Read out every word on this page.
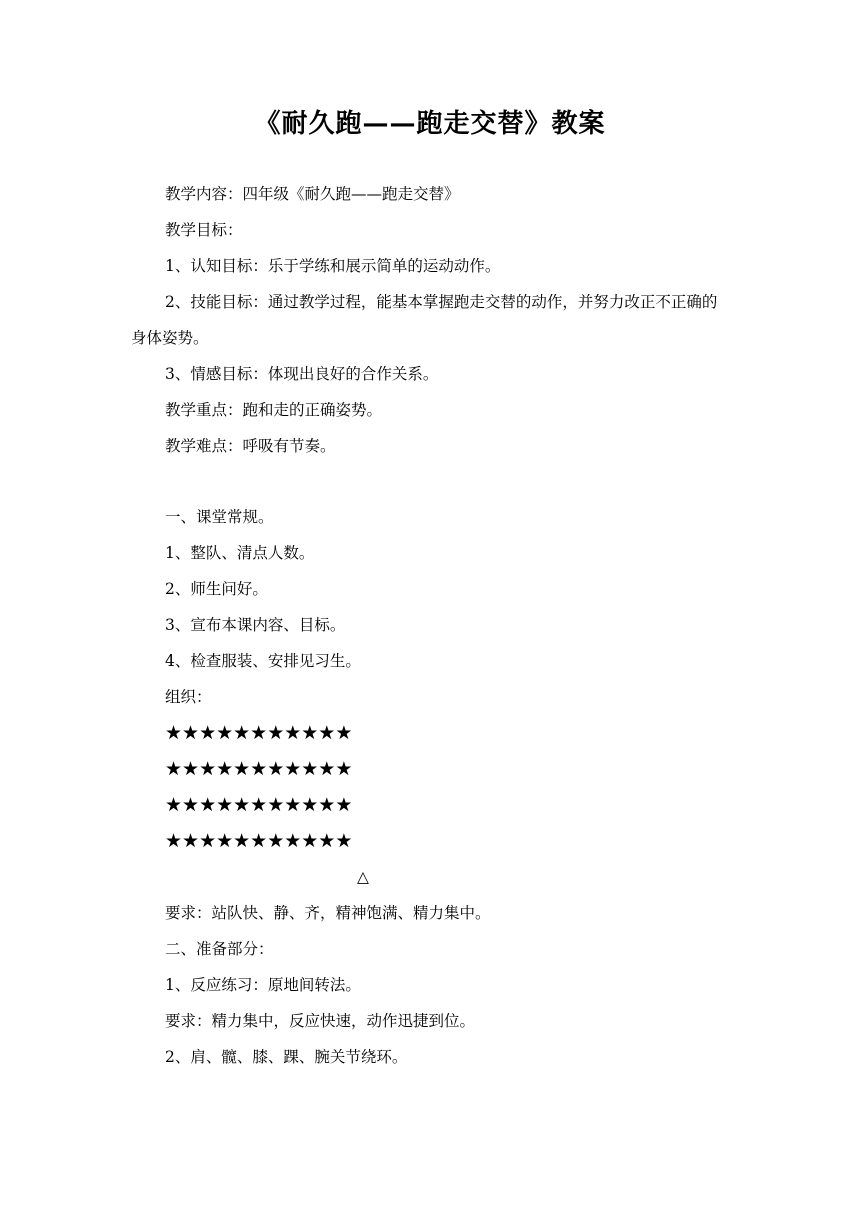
《耐久跑——跑走交替》教案

教学内容：四年级《耐久跑——跑走交替》

教学目标：

1、认知目标：乐于学练和展示简单的运动动作。

2、技能目标：通过教学过程，能基本掌握跑走交替的动作，并努力改正不正确的身体姿势。

3、情感目标：体现出良好的合作关系。

教学重点：跑和走的正确姿势。

教学难点：呼吸有节奏。

一、课堂常规。

1、整队、清点人数。

2、师生问好。

3、宣布本课内容、目标。

4、检查服装、安排见习生。

组织：

★★★★★★★★★★★

★★★★★★★★★★★

★★★★★★★★★★★

★★★★★★★★★★★

△

要求：站队快、静、齐，精神饱满、精力集中。

二、准备部分：

1、反应练习：原地间转法。

要求：精力集中，反应快速，动作迅捷到位。

2、肩、髋、膝、踝、腕关节绕环。
